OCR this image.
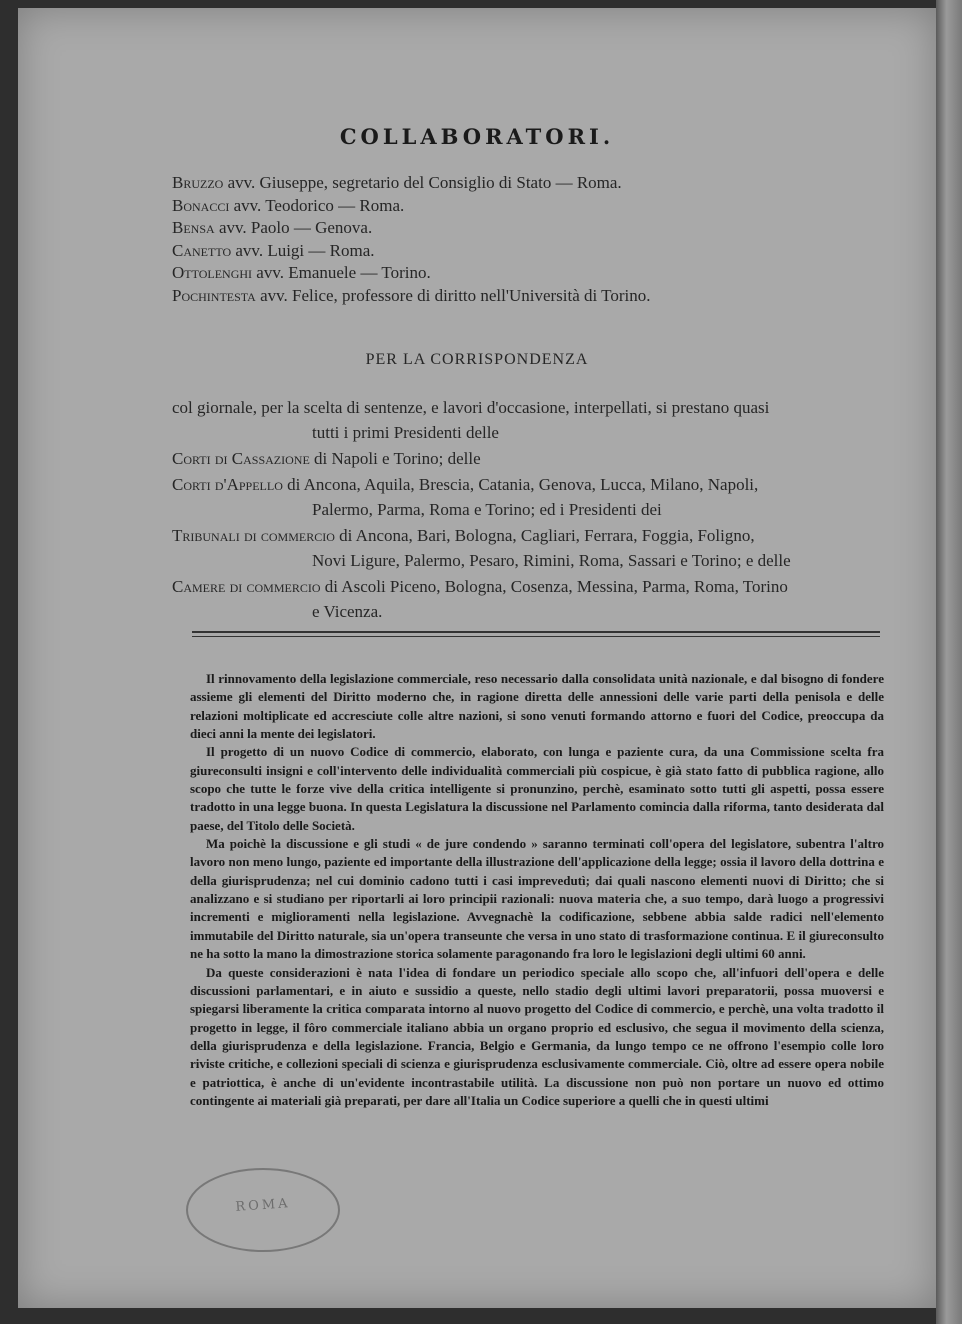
COLLABORATORI.
Bruzzo avv. Giuseppe, segretario del Consiglio di Stato — Roma.
Bonacci avv. Teodorico — Roma.
Bensa avv. Paolo — Genova.
Canetto avv. Luigi — Roma.
Ottolenghi avv. Emanuele — Torino.
Pochintesta avv. Felice, professore di diritto nell'Università di Torino.
PER LA CORRISPONDENZA
col giornale, per la scelta di sentenze, e lavori d'occasione, interpellati, si prestano quasi
tutti i primi Presidenti delle
Corti di Cassazione di Napoli e Torino; delle
Corti d'Appello di Ancona, Aquila, Brescia, Catania, Genova, Lucca, Milano, Napoli,
Palermo, Parma, Roma e Torino; ed i Presidenti dei
Tribunali di commercio di Ancona, Bari, Bologna, Cagliari, Ferrara, Foggia, Foligno,
Novi Ligure, Palermo, Pesaro, Rimini, Roma, Sassari e Torino; e delle
Camere di commercio di Ascoli Piceno, Bologna, Cosenza, Messina, Parma, Roma, Torino
e Vicenza.

Il rinnovamento della legislazione commerciale, reso necessario dalla consolidata unità nazionale, e dal bisogno di fondere assieme gli elementi del Diritto moderno che, in ragione diretta delle annessioni delle varie parti della penisola e delle relazioni moltiplicate ed accresciute colle altre nazioni, si sono venuti formando attorno e fuori del Codice, preoccupa da dieci anni la mente dei legislatori.

Il progetto di un nuovo Codice di commercio, elaborato, con lunga e paziente cura, da una Commissione scelta fra giureconsulti insigni e coll'intervento delle individualità commerciali più cospicue, è già stato fatto di pubblica ragione, allo scopo che tutte le forze vive della critica intelligente si pronunzino, perchè, esaminato sotto tutti gli aspetti, possa essere tradotto in una legge buona. In questa Legislatura la discussione nel Parlamento comincia dalla riforma, tanto desiderata dal paese, del Titolo delle Società.

Ma poichè la discussione e gli studi « de jure condendo » saranno terminati coll'opera del legislatore, subentra l'altro lavoro non meno lungo, paziente ed importante della illustrazione dell'applicazione della legge; ossia il lavoro della dottrina e della giurisprudenza; nel cui dominio cadono tutti i casi imprevedutì; dai quali nascono elementi nuovi di Diritto; che si analizzano e si studiano per riportarli ai loro principii razionali: nuova materia che, a suo tempo, darà luogo a progressivi incrementi e miglioramenti nella legislazione. Avvegnachè la codificazione, sebbene abbia salde radici nell'elemento immutabile del Diritto naturale, sia un'opera transeunte che versa in uno stato di trasformazione continua. E il giureconsulto ne ha sotto la mano la dimostrazione storica solamente paragonando fra loro le legislazioni degli ultimi 60 anni.

Da queste considerazioni è nata l'idea di fondare un periodico speciale allo scopo che, all'infuori dell'opera e delle discussioni parlamentari, e in aiuto e sussidio a queste, nello stadio degli ultimi lavori preparatorii, possa muoversi e spiegarsi liberamente la critica comparata intorno al nuovo progetto del Codice di commercio, e perchè, una volta tradotto il progetto in legge, il fôro commerciale italiano abbia un organo proprio ed esclusivo, che segua il movimento della scienza, della giurisprudenza e della legislazione. Francia, Belgio e Germania, da lungo tempo ce ne offrono l'esempio colle loro riviste critiche, e collezioni speciali di scienza e giurisprudenza esclusivamente commerciale. Ciò, oltre ad essere opera nobile e patriottica, è anche di un'evidente incontrastabile utilità. La discussione non può non portare un nuovo ed ottimo contingente ai materiali già preparati, per dare all'Italia un Codice superiore a quelli che in questi ultimi

ROMA
